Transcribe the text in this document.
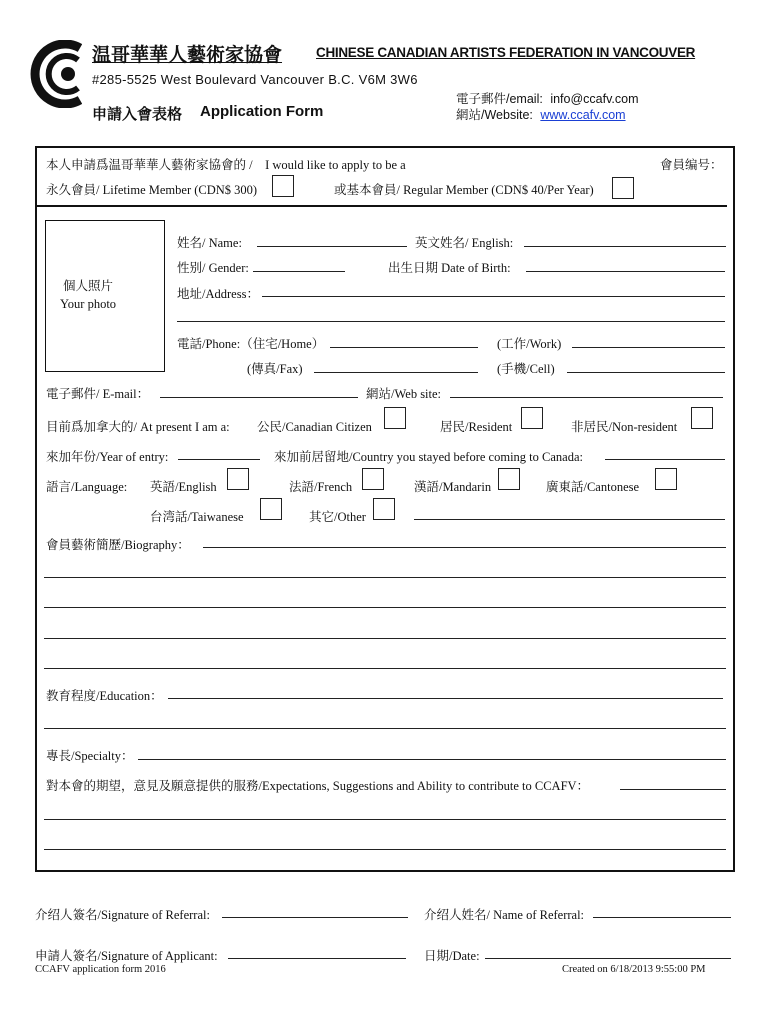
温哥華華人藝術家協會	CHINESE CANADIAN ARTISTS FEDERATION IN VANCOUVER
#285-5525 West Boulevard Vancouver B.C. V6M 3W6
申請入會表格 Application Form
電子郵件/email: info@ccafv.com
網站/Website: www.ccafv.com
本人申請爲温哥華華人藝術家協會的 /　I would like to apply to be a	會員编号：
永久會員/ Lifetime Member (CDN$ 300)	或基本會員/ Regular Member (CDN$ 40/Per Year)
個人照片
Your photo
姓名/ Name:	英文姓名/ English:
性别/ Gender:	出生日期 Date of Birth:
地址/Address：
電話/Phone:（住宅/Home）	(工作/Work)
(傳真/Fax)	(手機/Cell)
電子郵件/ E-mail：	網站/Web site:
目前爲加拿大的/ At present I am a: 公民/Canadian Citizen	居民/Resident	非居民/Non-resident
來加年份/Year of entry:	來加前居留地/Country you stayed before coming to Canada:
語言/Language: 英語/English	法語/French	漢語/Mandarin	廣東話/Cantonese
台湾話/Taiwanese	其它/Other
會員藝術簡歷/Biography：
教育程度/Education：
專長/Specialty：
對本會的期望，意見及願意提供的服務/Expectations, Suggestions and Ability to contribute to CCAFV：
介绍人簽名/Signature of Referral:	介绍人姓名/ Name of Referral:
申請人簽名/Signature of Applicant:	日期/Date:
CCAFV application form 2016	Created on 6/18/2013 9:55:00 PM
